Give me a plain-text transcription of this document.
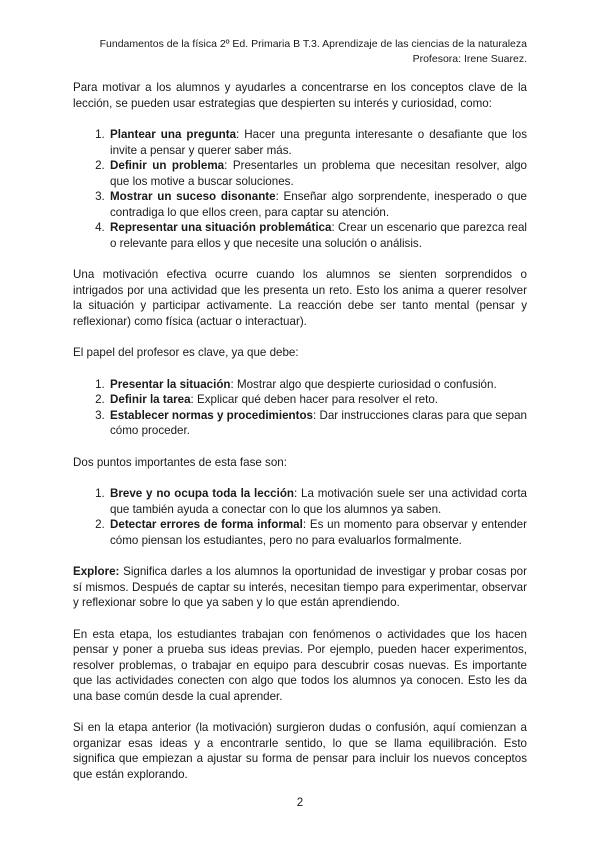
Fundamentos de la física 2º Ed. Primaria B T.3. Aprendizaje de las ciencias de la naturaleza
Profesora: Irene Suarez.

Para motivar a los alumnos y ayudarles a concentrarse en los conceptos clave de la lección, se pueden usar estrategias que despierten su interés y curiosidad, como:

1. Plantear una pregunta: Hacer una pregunta interesante o desafiante que los invite a pensar y querer saber más.
2. Definir un problema: Presentarles un problema que necesitan resolver, algo que los motive a buscar soluciones.
3. Mostrar un suceso disonante: Enseñar algo sorprendente, inesperado o que contradiga lo que ellos creen, para captar su atención.
4. Representar una situación problemática: Crear un escenario que parezca real o relevante para ellos y que necesite una solución o análisis.

Una motivación efectiva ocurre cuando los alumnos se sienten sorprendidos o intrigados por una actividad que les presenta un reto. Esto los anima a querer resolver la situación y participar activamente. La reacción debe ser tanto mental (pensar y reflexionar) como física (actuar o interactuar).

El papel del profesor es clave, ya que debe:

1. Presentar la situación: Mostrar algo que despierte curiosidad o confusión.
2. Definir la tarea: Explicar qué deben hacer para resolver el reto.
3. Establecer normas y procedimientos: Dar instrucciones claras para que sepan cómo proceder.

Dos puntos importantes de esta fase son:

1. Breve y no ocupa toda la lección: La motivación suele ser una actividad corta que también ayuda a conectar con lo que los alumnos ya saben.
2. Detectar errores de forma informal: Es un momento para observar y entender cómo piensan los estudiantes, pero no para evaluarlos formalmente.

Explore: Significa darles a los alumnos la oportunidad de investigar y probar cosas por sí mismos. Después de captar su interés, necesitan tiempo para experimentar, observar y reflexionar sobre lo que ya saben y lo que están aprendiendo.

En esta etapa, los estudiantes trabajan con fenómenos o actividades que los hacen pensar y poner a prueba sus ideas previas. Por ejemplo, pueden hacer experimentos, resolver problemas, o trabajar en equipo para descubrir cosas nuevas. Es importante que las actividades conecten con algo que todos los alumnos ya conocen. Esto les da una base común desde la cual aprender.

Si en la etapa anterior (la motivación) surgieron dudas o confusión, aquí comienzan a organizar esas ideas y a encontrarle sentido, lo que se llama equilibración. Esto significa que empiezan a ajustar su forma de pensar para incluir los nuevos conceptos que están explorando.

2
